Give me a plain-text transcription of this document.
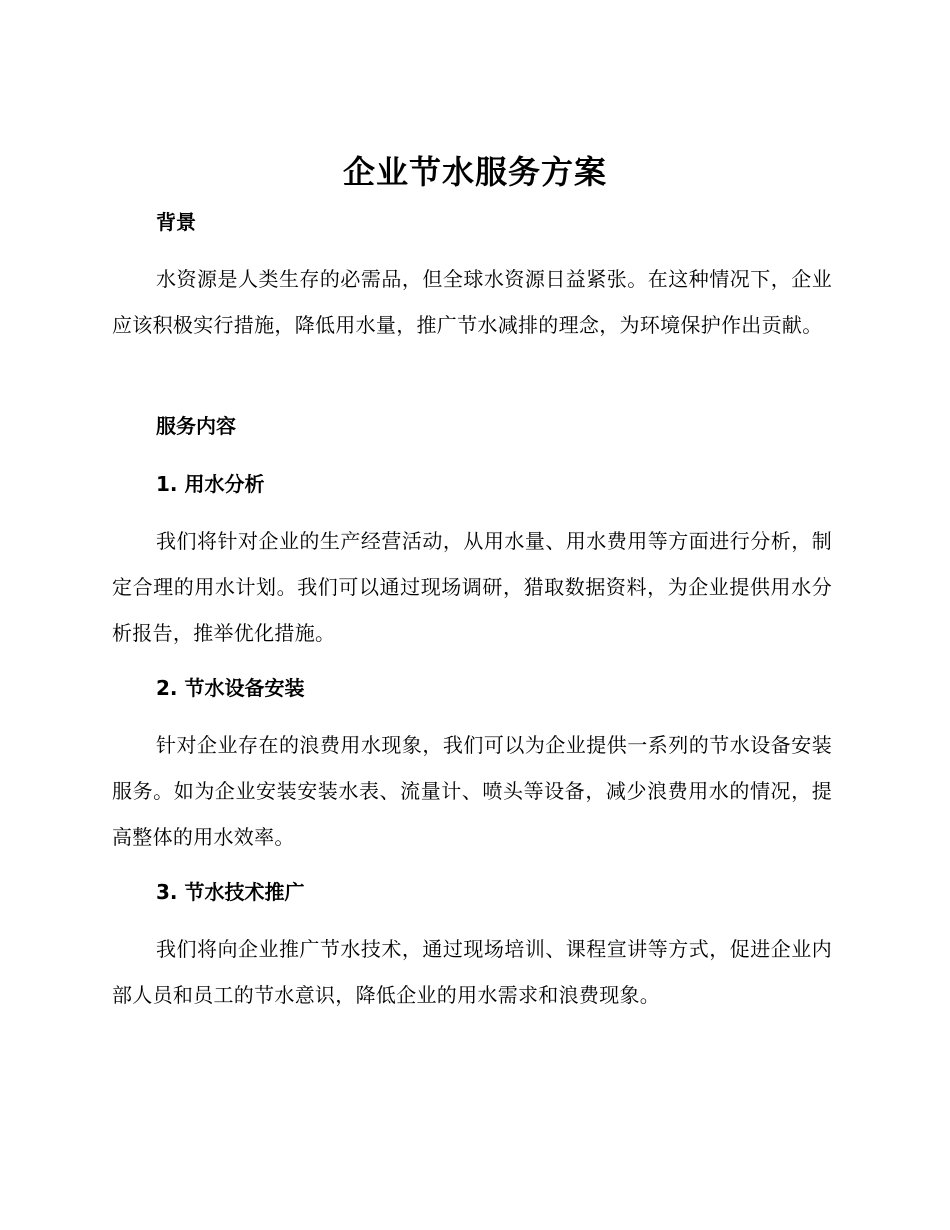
企业节水服务方案
背景
水资源是人类生存的必需品，但全球水资源日益紧张。在这种情况下，企业应该积极实行措施，降低用水量，推广节水减排的理念，为环境保护作出贡献。
服务内容
1. 用水分析
我们将针对企业的生产经营活动，从用水量、用水费用等方面进行分析，制定合理的用水计划。我们可以通过现场调研，猎取数据资料，为企业提供用水分析报告，推举优化措施。
2. 节水设备安装
针对企业存在的浪费用水现象，我们可以为企业提供一系列的节水设备安装服务。如为企业安装安装水表、流量计、喷头等设备，减少浪费用水的情况，提高整体的用水效率。
3. 节水技术推广
我们将向企业推广节水技术，通过现场培训、课程宣讲等方式，促进企业内部人员和员工的节水意识，降低企业的用水需求和浪费现象。
